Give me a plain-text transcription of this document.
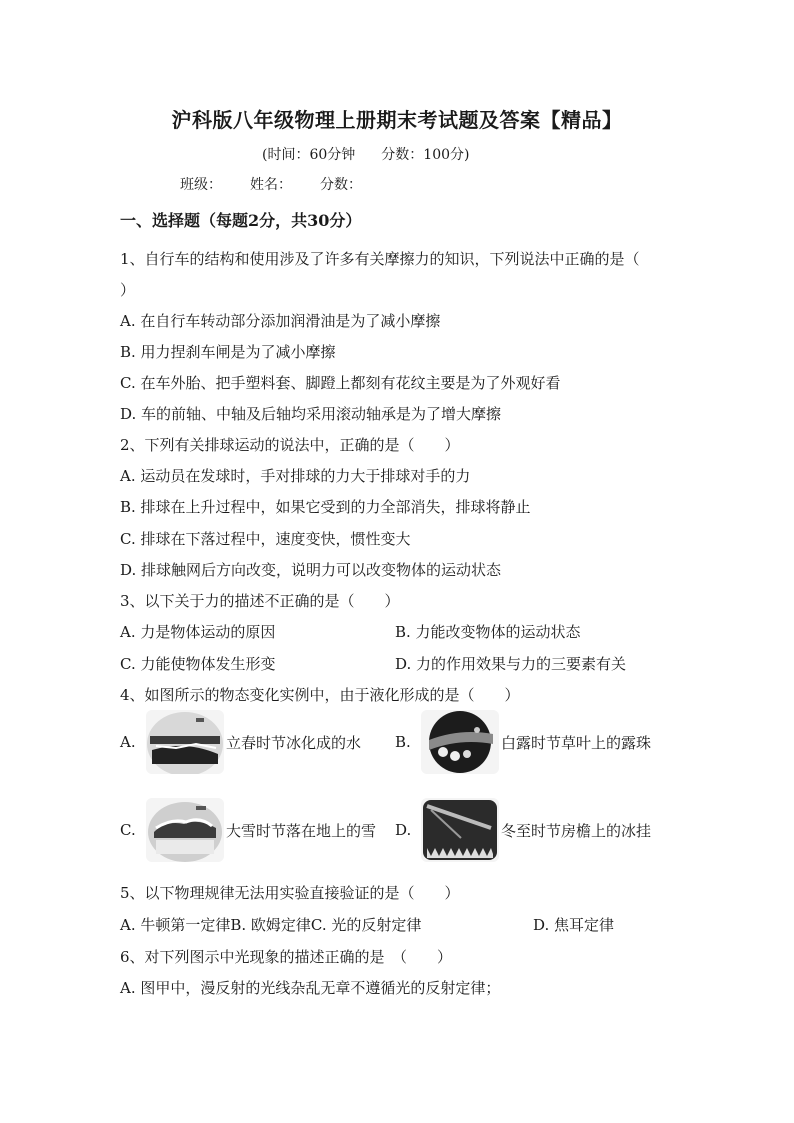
沪科版八年级物理上册期末考试题及答案【精品】
(时间：60分钟 分数：100分)
班级： 姓名： 分数：
一、选择题（每题2分，共30分）
1、自行车的结构和使用涉及了许多有关摩擦力的知识，下列说法中正确的是（
）
A. 在自行车转动部分添加润滑油是为了减小摩擦
B. 用力捏刹车闸是为了减小摩擦
C. 在车外胎、把手塑料套、脚蹬上都刻有花纹主要是为了外观好看
D. 车的前轴、中轴及后轴均采用滚动轴承是为了增大摩擦
2、下列有关排球运动的说法中，正确的是（　　）
A. 运动员在发球时，手对排球的力大于排球对手的力
B. 排球在上升过程中，如果它受到的力全部消失，排球将静止
C. 排球在下落过程中，速度变快，惯性变大
D. 排球触网后方向改变，说明力可以改变物体的运动状态
3、以下关于力的描述不正确的是（　　）
A. 力是物体运动的原因	B. 力能改变物体的运动状态
C. 力能使物体发生形变	D. 力的作用效果与力的三要素有关
4、如图所示的物态变化实例中，由于液化形成的是（　　）
A.	立春时节冰化成的水 B.	白露时节草叶上的露珠
C.	大雪时节落在地上的雪 D.	冬至时节房檐上的冰挂
5、以下物理规律无法用实验直接验证的是（　　）
A. 牛顿第一定律B. 欧姆定律C. 光的反射定律	D. 焦耳定律
6、对下列图示中光现象的描述正确的是　（　　）
A. 图甲中，漫反射的光线杂乱无章不遵循光的反射定律；
